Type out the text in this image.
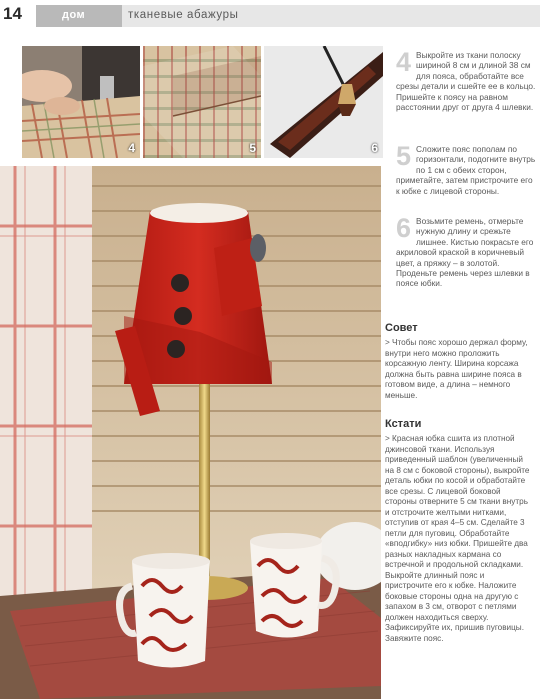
14	дом	тканевые абажуры
4	5	6
4 Выкройте из ткани полоску шириной 8 см и длиной 38 см для пояса, обработайте все срезы детали и сшейте ее в кольцо. Пришейте к поясу на равном расстоянии друг от друга 4 шлевки.
5 Сложите пояс пополам по горизонтали, подогните внутрь по 1 см с обеих сторон, приметайте, затем пристрочите его к юбке с лицевой стороны.
6 Возьмите ремень, отмерьте нужную длину и срежьте лишнее. Кистью покрасьте его акриловой краской в коричневый цвет, а пряжку – в золотой. Проденьте ремень через шлевки в поясе юбки.
Совет
> Чтобы пояс хорошо держал форму, внутри него можно проложить корсажную ленту. Ширина корсажа должна быть равна ширине пояса в готовом виде, а длина – немного меньше.
Кстати
> Красная юбка сшита из плотной джинсовой ткани. Используя приведенный шаблон (увеличенный на 8 см с боковой стороны), выкройте деталь юбки по косой и обработайте все срезы. С лицевой боковой стороны отверните 5 см ткани внутрь и отстрочите желтыми нитками, отступив от края 4–5 см. Сделайте 3 петли для пуговиц. Обработайте «вподгибку» низ юбки. Пришейте два разных накладных кармана со встречной и продольной складками. Выкройте длинный пояс и пристрочите его к юбке. Наложите боковые стороны одна на другую с запахом в 3 см, отворот с петлями должен находиться сверху. Зафиксируйте их, пришив пуговицы. Завяжите пояс.
